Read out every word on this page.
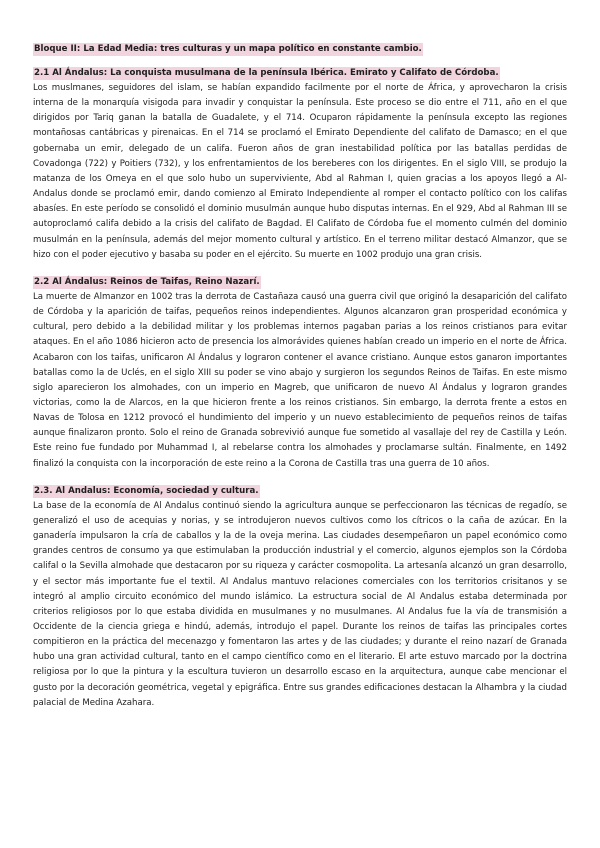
Bloque II: La Edad Media: tres culturas y un mapa político en constante cambio.
2.1 Al Ándalus: La conquista musulmana de la península Ibérica. Emirato y Califato de Córdoba.

Los muslmanes, seguidores del islam, se habían expandido facilmente por el norte de África, y aprovecharon la crisis interna de la monarquía visigoda para invadir y conquistar la península. Este proceso se dio entre el 711, año en el que dirigidos por Tariq ganan la batalla de Guadalete, y el 714. Ocuparon rápidamente la península excepto las regiones montañosas cantábricas y pirenaicas. En el 714 se proclamó el Emirato Dependiente del califato de Damasco; en el que gobernaba un emir, delegado de un califa. Fueron años de gran inestabilidad política por las batallas perdidas de Covadonga (722) y Poitiers (732), y los enfrentamientos de los bereberes con los dirigentes. En el siglo VIII, se produjo la matanza de los Omeya en el que solo hubo un superviviente, Abd al Rahman I, quien gracias a los apoyos llegó a Al-Andalus donde se proclamó emir, dando comienzo al Emirato Independiente al romper el contacto político con los califas abasíes. En este período se consolidó el dominio musulmán aunque hubo disputas internas. En el 929, Abd al Rahman III se autoproclamó califa debido a la crisis del califato de Bagdad. El Califato de Córdoba fue el momento culmén del dominio musulmán en la península, además del mejor momento cultural y artístico. En el terreno militar destacó Almanzor, que se hizo con el poder ejecutivo y basaba su poder en el ejército. Su muerte en 1002 produjo una gran crisis.

2.2 Al Ándalus: Reinos de Taifas, Reino Nazarí.

La muerte de Almanzor en 1002 tras la derrota de Castañaza causó una guerra civil que originó la desaparición del califato de Córdoba y la aparición de taifas, pequeños reinos independientes. Algunos alcanzaron gran prosperidad económica y cultural, pero debido a la debilidad militar y los problemas internos pagaban parias a los reinos cristianos para evitar ataques. En el año 1086 hicieron acto de presencia los almorávides quienes habían creado un imperio en el norte de África. Acabaron con los taifas, unificaron Al Ándalus y lograron contener el avance cristiano. Aunque estos ganaron importantes batallas como la de Uclés, en el siglo XIII su poder se vino abajo y surgieron los segundos Reinos de Taifas. En este mismo siglo aparecieron los almohades, con un imperio en Magreb, que unificaron de nuevo Al Ándalus y lograron grandes victorias, como la de Alarcos, en la que hicieron frente a los reinos cristianos. Sin embargo, la derrota frente a estos en Navas de Tolosa en 1212 provocó el hundimiento del imperio y un nuevo establecimiento de pequeños reinos de taifas aunque finalizaron pronto. Solo el reino de Granada sobrevivió aunque fue sometido al vasallaje del rey de Castilla y León. Este reino fue fundado por Muhammad I, al rebelarse contra los almohades y proclamarse sultán. Finalmente, en 1492 finalizó la conquista con la incorporación de este reino a la Corona de Castilla tras una guerra de 10 años.

2.3. Al Andalus: Economía, sociedad y cultura.

La base de la economía de Al Andalus continuó siendo la agricultura aunque se perfeccionaron las técnicas de regadío, se generalizó el uso de acequias y norias, y se introdujeron nuevos cultivos como los cítricos o la caña de azúcar. En la ganadería impulsaron la cría de caballos y la de la oveja merina. Las ciudades desempeñaron un papel económico como grandes centros de consumo ya que estimulaban la producción industrial y el comercio, algunos ejemplos son la Córdoba califal o la Sevilla almohade que destacaron por su riqueza y carácter cosmopolita. La artesanía alcanzó un gran desarrollo, y el sector más importante fue el textil. Al Andalus mantuvo relaciones comerciales con los territorios crisitanos y se integró al amplio circuito económico del mundo islámico. La estructura social de Al Andalus estaba determinada por criterios religiosos por lo que estaba dividida en musulmanes y no musulmanes. Al Andalus fue la vía de transmisión a Occidente de la ciencia griega e hindú, además, introdujo el papel. Durante los reinos de taifas las principales cortes compitieron en la práctica del mecenazgo y fomentaron las artes y de las ciudades; y durante el reino nazarí de Granada hubo una gran actividad cultural, tanto en el campo científico como en el literario. El arte estuvo marcado por la doctrina religiosa por lo que la pintura y la escultura tuvieron un desarrollo escaso en la arquitectura, aunque cabe mencionar el gusto por la decoración geométrica, vegetal y epigráfica. Entre sus grandes edificaciones destacan la Alhambra y la ciudad palacial de Medina Azahara.
